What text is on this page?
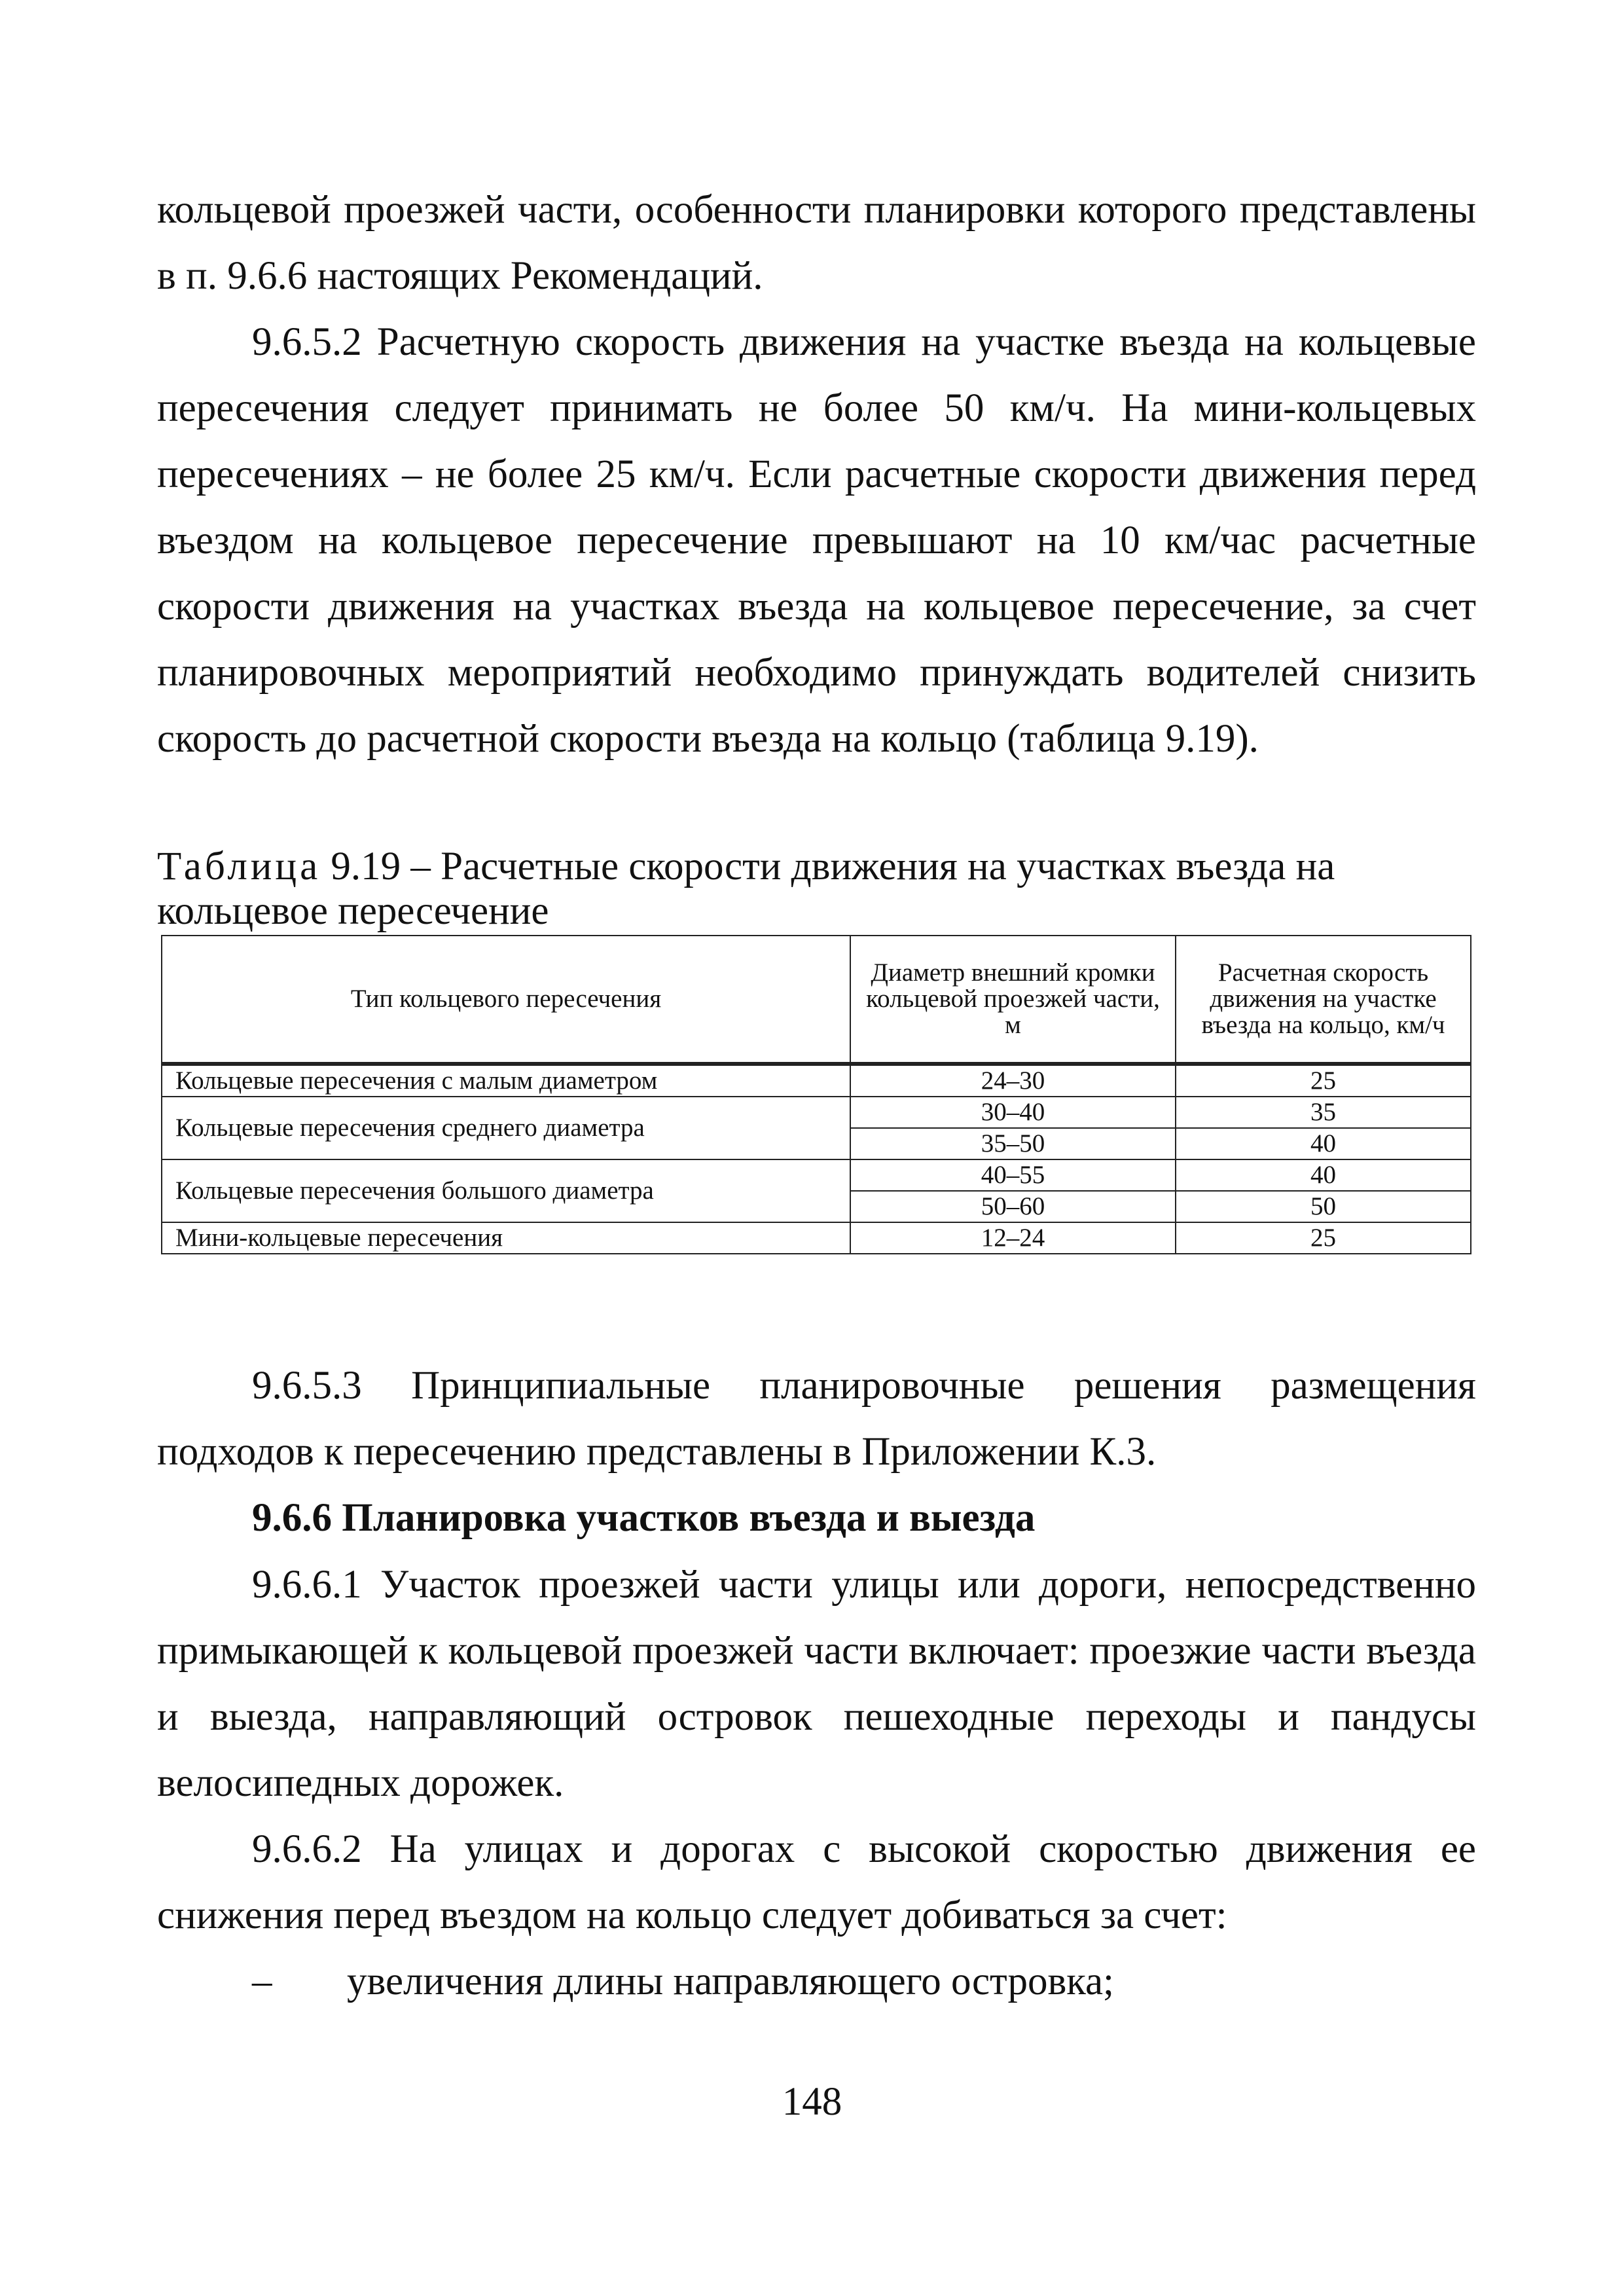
кольцевой проезжей части, особенности планировки которого представлены в п. 9.6.6 настоящих Рекомендаций.

9.6.5.2 Расчетную скорость движения на участке въезда на кольцевые пересечения следует принимать не более 50 км/ч. На мини-кольцевых пересечениях – не более 25 км/ч. Если расчетные скорости движения перед въездом на кольцевое пересечение превышают на 10 км/час расчетные скорости движения на участках въезда на кольцевое пересечение, за счет планировочных мероприятий необходимо принуждать водителей снизить скорость до расчетной скорости въезда на кольцо (таблица 9.19).

Таблица 9.19 – Расчетные скорости движения на участках въезда на кольцевое пересечение

Тип кольцевого пересечения	Диаметр внешний кромки кольцевой проезжей части, м	Расчетная скорость движения на участке въезда на кольцо, км/ч
Кольцевые пересечения с малым диаметром	24–30	25
Кольцевые пересечения среднего диаметра	30–40	35
	35–50	40
Кольцевые пересечения большого диаметра	40–55	40
	50–60	50
Мини-кольцевые пересечения	12–24	25

9.6.5.3 Принципиальные планировочные решения размещения подходов к пересечению представлены в Приложении К.3.

9.6.6 Планировка участков въезда и выезда

9.6.6.1 Участок проезжей части улицы или дороги, непосредственно примыкающей к кольцевой проезжей части включает: проезжие части въезда и выезда, направляющий островок пешеходные переходы и пандусы велосипедных дорожек.

9.6.6.2 На улицах и дорогах с высокой скоростью движения ее снижения перед въездом на кольцо следует добиваться за счет:

– увеличения длины направляющего островка;

148
